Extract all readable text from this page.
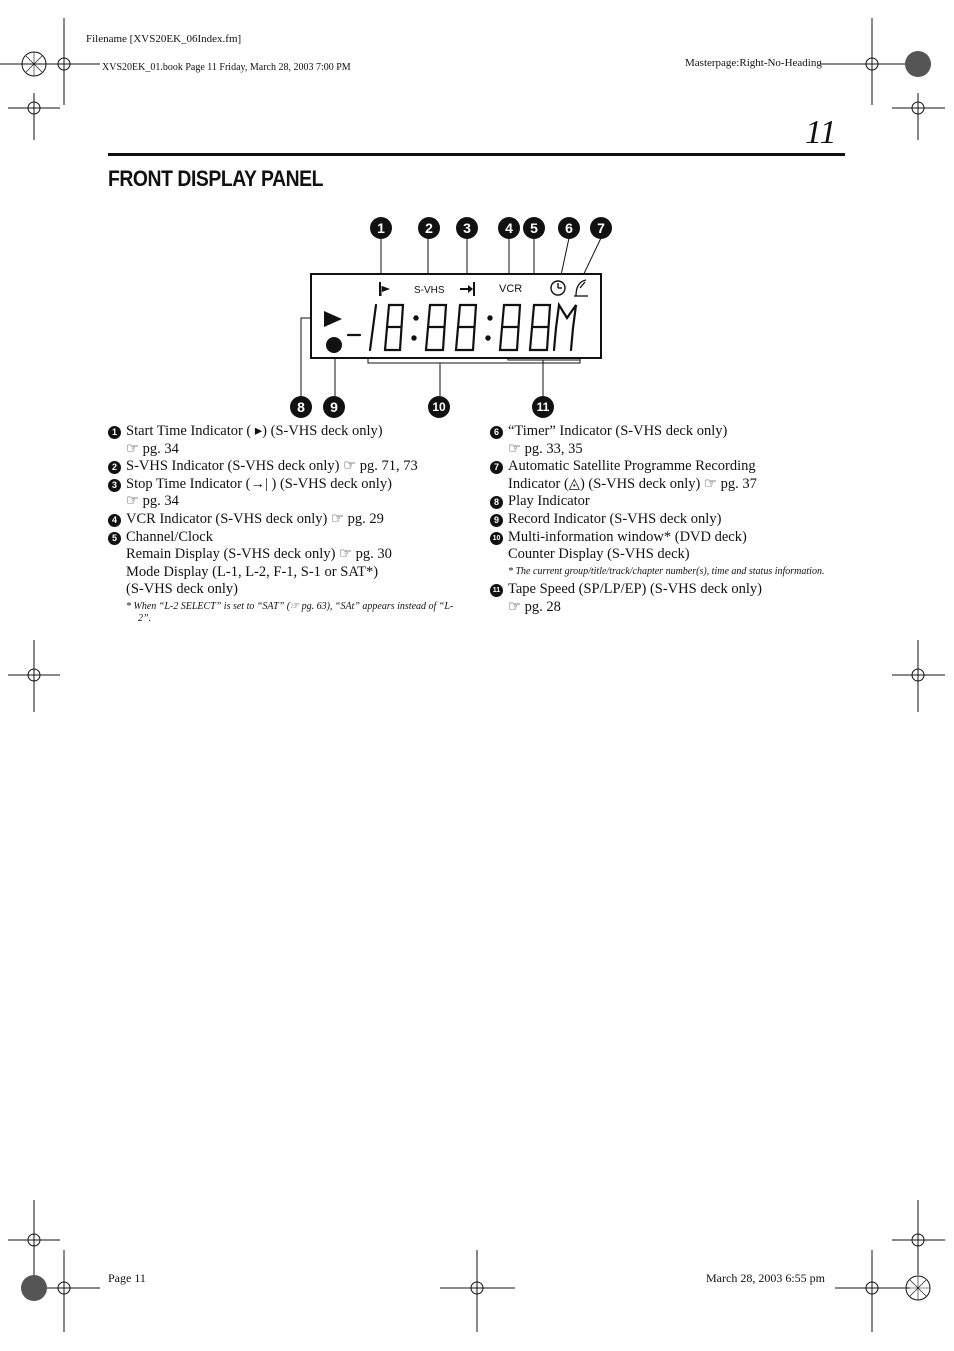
Filename [XVS20EK_06Index.fm]
XVS20EK_01.book Page 11 Friday, March 28, 2003 7:00 PM	Masterpage:Right-No-Heading
11
FRONT DISPLAY PANEL
S-VHS	VCR
1	2	3	4	5	6	7
8	9	10	11
1 Start Time Indicator ( ▸) (S-VHS deck only)
☞ pg. 34
2 S-VHS Indicator (S-VHS deck only) ☞ pg. 71, 73
3 Stop Time Indicator (→| ) (S-VHS deck only)
☞ pg. 34
4 VCR Indicator (S-VHS deck only) ☞ pg. 29
5 Channel/Clock
Remain Display (S-VHS deck only) ☞ pg. 30
Mode Display (L-1, L-2, F-1, S-1 or SAT*)
(S-VHS deck only)
* When “L-2 SELECT” is set to “SAT” (☞ pg. 63), “SAt” appears instead of “L-2”.
6 “Timer” Indicator (S-VHS deck only)
☞ pg. 33, 35
7 Automatic Satellite Programme Recording
Indicator (◬) (S-VHS deck only) ☞ pg. 37
8 Play Indicator
9 Record Indicator (S-VHS deck only)
10 Multi-information window* (DVD deck)
Counter Display (S-VHS deck)
* The current group/title/track/chapter number(s), time and status information.
11 Tape Speed (SP/LP/EP) (S-VHS deck only)
☞ pg. 28
Page 11	March 28, 2003 6:55 pm
